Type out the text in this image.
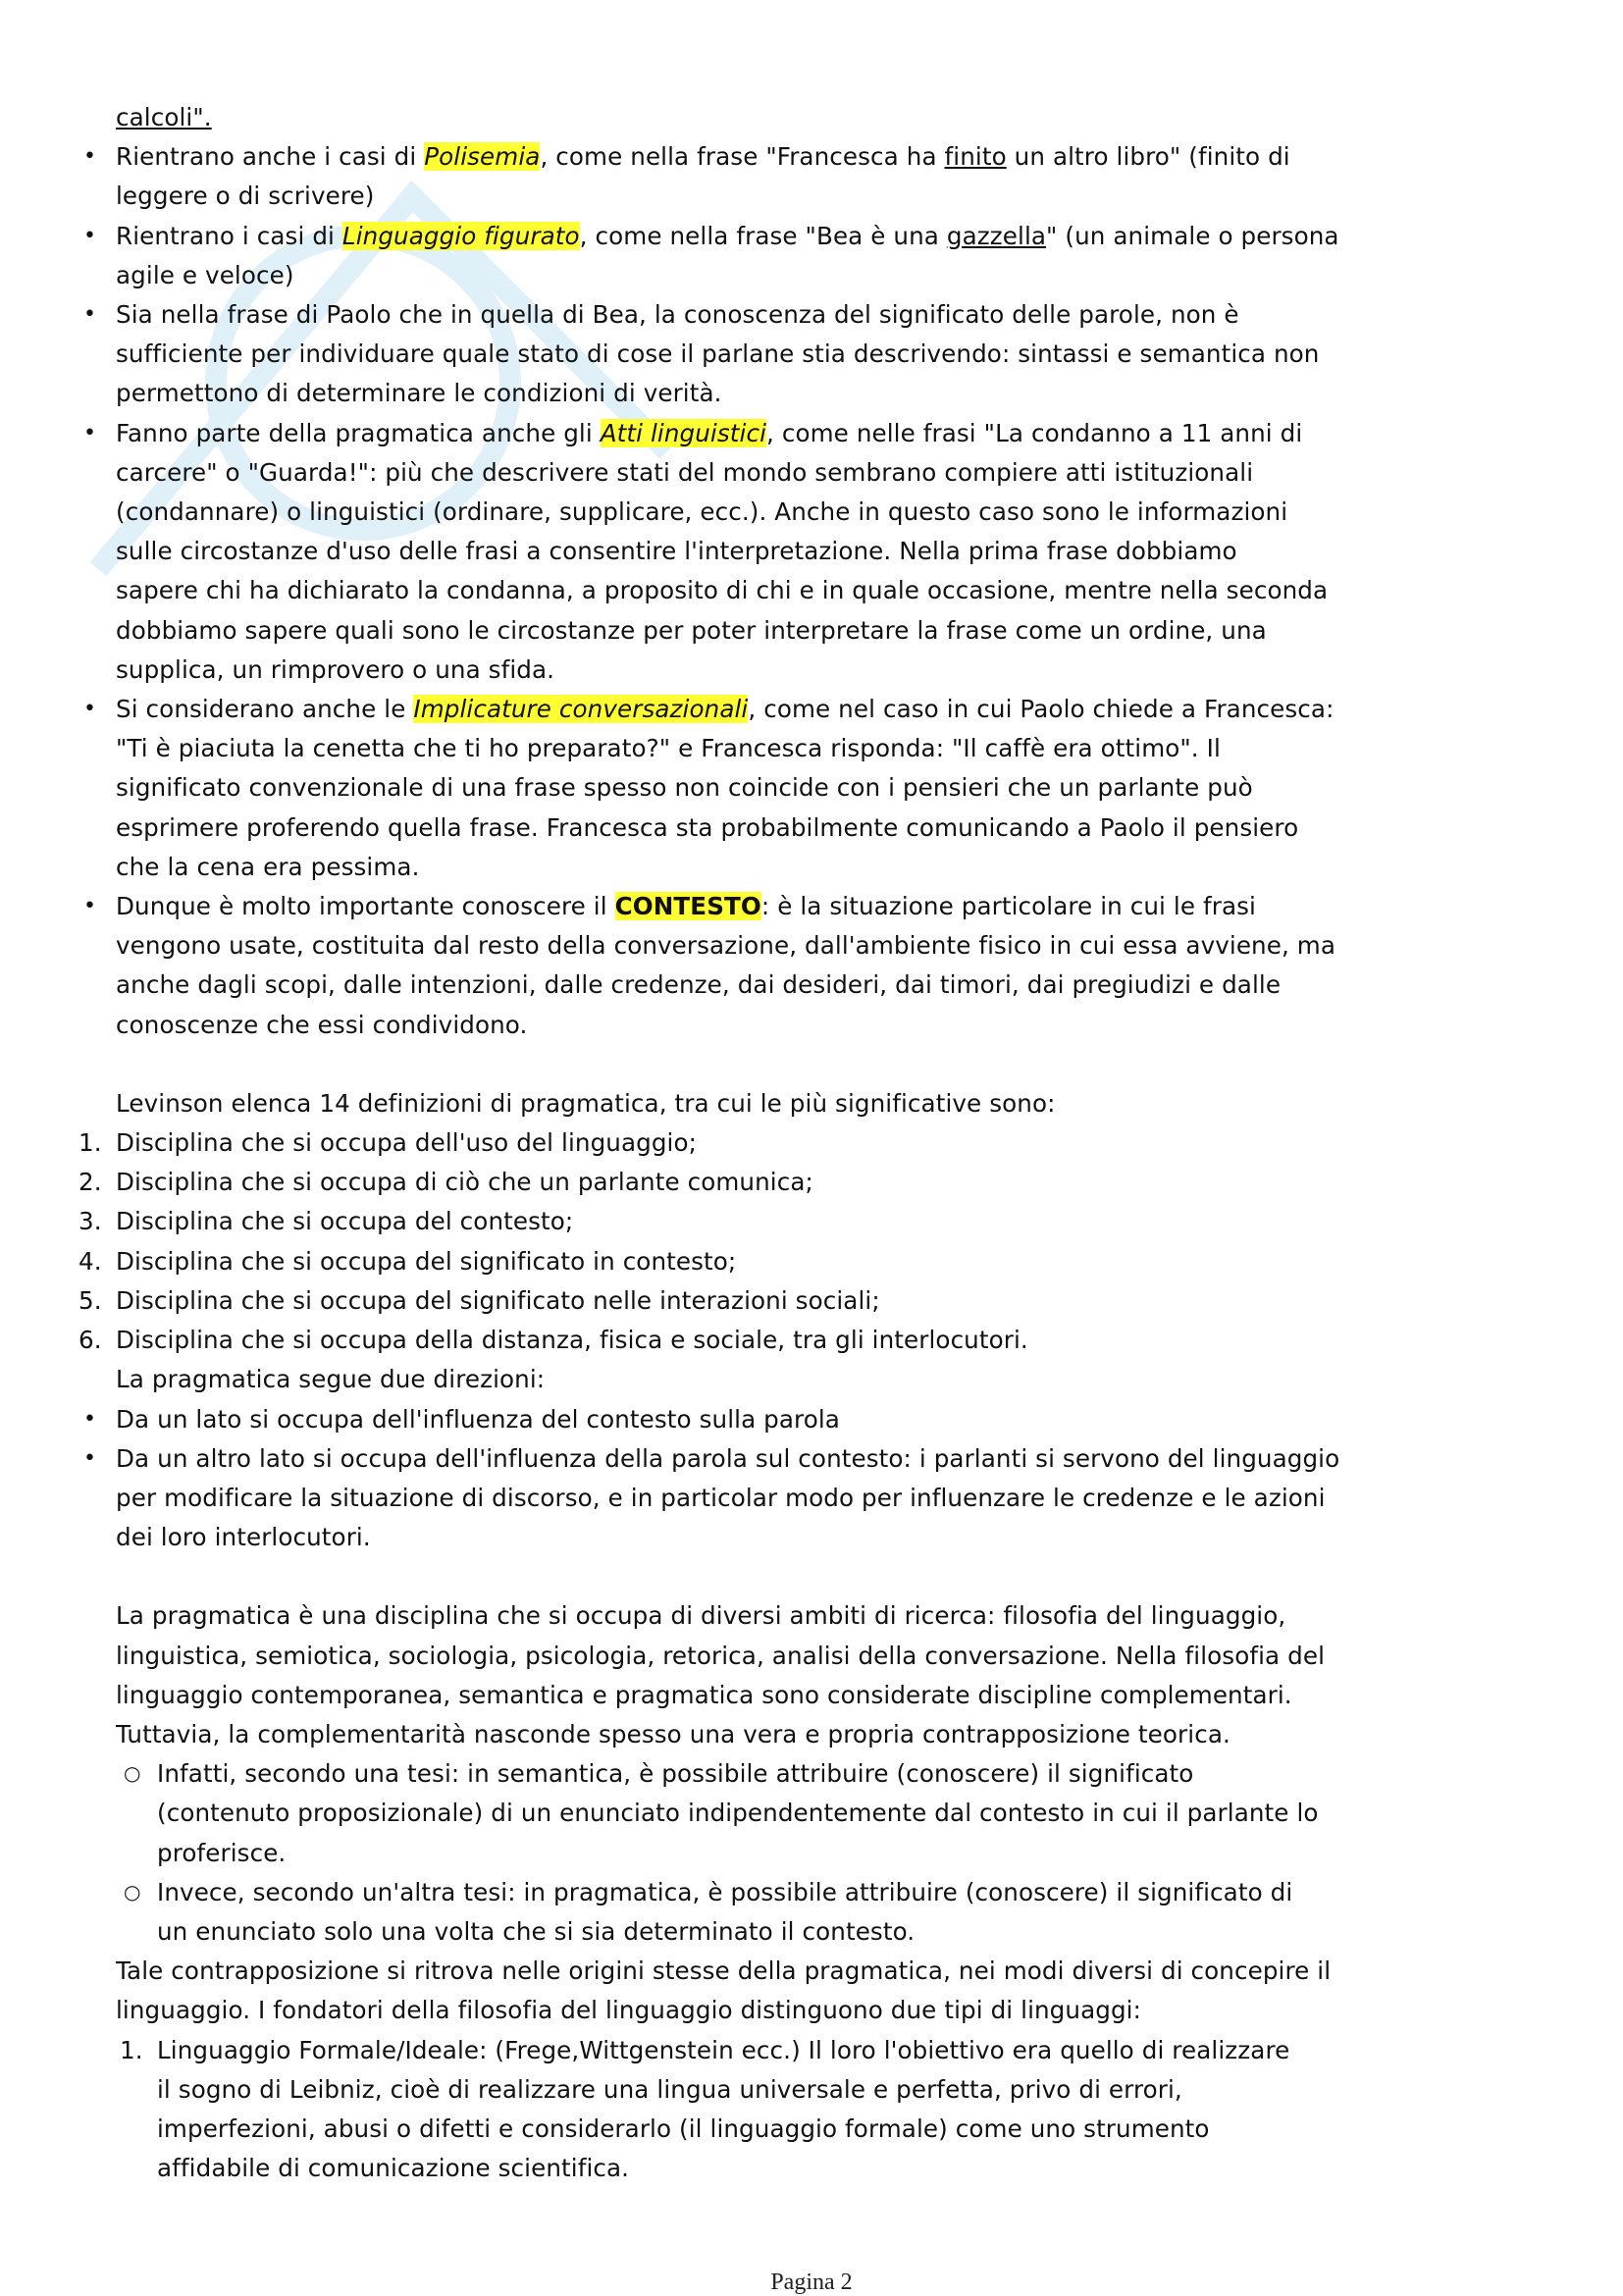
calcoli".
• Rientrano anche i casi di Polisemia, come nella frase "Francesca ha finito un altro libro" (finito di
leggere o di scrivere)
• Rientrano i casi di Linguaggio figurato, come nella frase "Bea è una gazzella" (un animale o persona
agile e veloce)
• Sia nella frase di Paolo che in quella di Bea, la conoscenza del significato delle parole, non è
sufficiente per individuare quale stato di cose il parlane stia descrivendo: sintassi e semantica non
permettono di determinare le condizioni di verità.
• Fanno parte della pragmatica anche gli Atti linguistici, come nelle frasi "La condanno a 11 anni di
carcere" o "Guarda!": più che descrivere stati del mondo sembrano compiere atti istituzionali
(condannare) o linguistici (ordinare, supplicare, ecc.). Anche in questo caso sono le informazioni
sulle circostanze d'uso delle frasi a consentire l'interpretazione. Nella prima frase dobbiamo
sapere chi ha dichiarato la condanna, a proposito di chi e in quale occasione, mentre nella seconda
dobbiamo sapere quali sono le circostanze per poter interpretare la frase come un ordine, una
supplica, un rimprovero o una sfida.
• Si considerano anche le Implicature conversazionali, come nel caso in cui Paolo chiede a Francesca:
"Ti è piaciuta la cenetta che ti ho preparato?" e Francesca risponda: "Il caffè era ottimo". Il
significato convenzionale di una frase spesso non coincide con i pensieri che un parlante può
esprimere proferendo quella frase. Francesca sta probabilmente comunicando a Paolo il pensiero
che la cena era pessima.
• Dunque è molto importante conoscere il CONTESTO: è la situazione particolare in cui le frasi
vengono usate, costituita dal resto della conversazione, dall'ambiente fisico in cui essa avviene, ma
anche dagli scopi, dalle intenzioni, dalle credenze, dai desideri, dai timori, dai pregiudizi e dalle
conoscenze che essi condividono.
Levinson elenca 14 definizioni di pragmatica, tra cui le più significative sono:
1. Disciplina che si occupa dell'uso del linguaggio;
2. Disciplina che si occupa di ciò che un parlante comunica;
3. Disciplina che si occupa del contesto;
4. Disciplina che si occupa del significato in contesto;
5. Disciplina che si occupa del significato nelle interazioni sociali;
6. Disciplina che si occupa della distanza, fisica e sociale, tra gli interlocutori.
La pragmatica segue due direzioni:
• Da un lato si occupa dell'influenza del contesto sulla parola
• Da un altro lato si occupa dell'influenza della parola sul contesto: i parlanti si servono del linguaggio
per modificare la situazione di discorso, e in particolar modo per influenzare le credenze e le azioni
dei loro interlocutori.
La pragmatica è una disciplina che si occupa di diversi ambiti di ricerca: filosofia del linguaggio,
linguistica, semiotica, sociologia, psicologia, retorica, analisi della conversazione. Nella filosofia del
linguaggio contemporanea, semantica e pragmatica sono considerate discipline complementari.
Tuttavia, la complementarità nasconde spesso una vera e propria contrapposizione teorica.
○ Infatti, secondo una tesi: in semantica, è possibile attribuire (conoscere) il significato
(contenuto proposizionale) di un enunciato indipendentemente dal contesto in cui il parlante lo
proferisce.
○ Invece, secondo un'altra tesi: in pragmatica, è possibile attribuire (conoscere) il significato di
un enunciato solo una volta che si sia determinato il contesto.
Tale contrapposizione si ritrova nelle origini stesse della pragmatica, nei modi diversi di concepire il
linguaggio. I fondatori della filosofia del linguaggio distinguono due tipi di linguaggi:
1. Linguaggio Formale/Ideale: (Frege,Wittgenstein ecc.) Il loro l'obiettivo era quello di realizzare
il sogno di Leibniz, cioè di realizzare una lingua universale e perfetta, privo di errori,
imperfezioni, abusi o difetti e considerarlo (il linguaggio formale) come uno strumento
affidabile di comunicazione scientifica.
Pagina 2
